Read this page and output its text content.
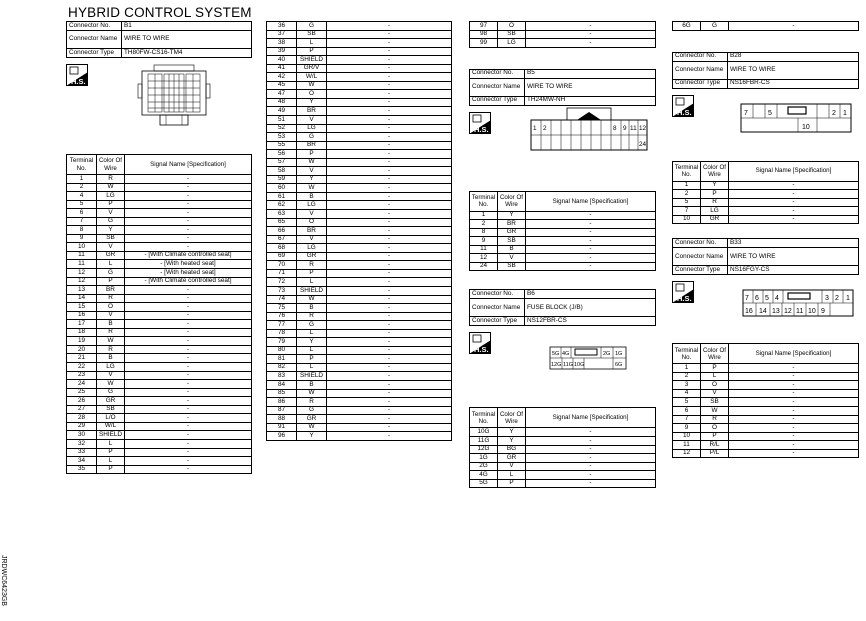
HYBRID CONTROL SYSTEM
Connector No.	B1
Connector Name	WIRE TO WIRE
Connector Type	TH80FW-CS16-TM4
H.S.
Terminal No.	Color Of Wire	Signal Name [Specification]
1	R	-
2	W	-
4	LG	-
5	P	-
6	V	-
7	G	-
8	Y	-
9	SB	-
10	V	-
11	GR	- [With Climate controlled seat]
11	L	- [With heated seat]
12	G	- [With heated seat]
12	P	- [With Climate controlled seat]
13	BR	-
14	R	-
15	O	-
16	V	-
17	B	-
18	R	-
19	W	-
20	R	-
21	B	-
22	LG	-
23	V	-
24	W	-
25	G	-
26	GR	-
27	SB	-
28	L/O	-
29	W/L	-
30	SHIELD	-
32	L	-
33	P	-
34	L	-
35	P	-
36	G	-
37	SB	-
38	L	-
39	P	-
40	SHIELD	-
41	GR/V	-
42	W/L	-
45	W	-
47	O	-
48	Y	-
49	BR	-
51	V	-
52	LG	-
53	G	-
55	BR	-
56	P	-
57	W	-
58	V	-
59	Y	-
60	W	-
61	B	-
62	LG	-
63	V	-
65	O	-
66	BR	-
67	V	-
68	LG	-
69	GR	-
70	R	-
71	P	-
72	L	-
73	SHIELD	-
74	W	-
75	B	-
76	R	-
77	G	-
78	L	-
79	Y	-
80	L	-
81	P	-
82	L	-
83	SHIELD	-
84	B	-
85	W	-
86	R	-
87	G	-
88	GR	-
91	W	-
96	Y	-
97	O	-
98	SB	-
99	LG	-
Connector No.	B5
Connector Name	WIRE TO WIRE
Connector Type	TH24MW-NH
H.S.	1 2	8 9 11 12
24
Terminal No.	Color Of Wire	Signal Name [Specification]
1	Y	-
2	BR	-
8	GR	-
9	SB	-
11	B	-
12	V	-
24	SB	-
Connector No.	B6
Connector Name	FUSE BLOCK (J/B)
Connector Type	NS12FBR-CS
H.S.	5G 4G	2G 1G
12G 11G 10G	6G
Terminal No.	Color Of Wire	Signal Name [Specification]
10G	Y	-
11G	Y	-
12G	BG	-
1G	GR	-
2G	V	-
4G	L	-
5G	P	-
6G	G	-
Connector No.	B28
Connector Name	WIRE TO WIRE
Connector Type	NS16FBR-CS
H.S.	7	5	2 1
10
Terminal No.	Color Of Wire	Signal Name [Specification]
1	Y	-
2	P	-
5	R	-
7	LG	-
10	GR	-
Connector No.	B33
Connector Name	WIRE TO WIRE
Connector Type	NS16FGY-CS
H.S.	7 6 5 4	3 2 1
16 14 13 12 11 10 9
Terminal No.	Color Of Wire	Signal Name [Specification]
1	P	-
2	L	-
3	O	-
4	V	-
5	SB	-
6	W	-
7	R	-
9	O	-
10	P	-
11	R/L	-
12	P/L	-
JRDWC6423GB
